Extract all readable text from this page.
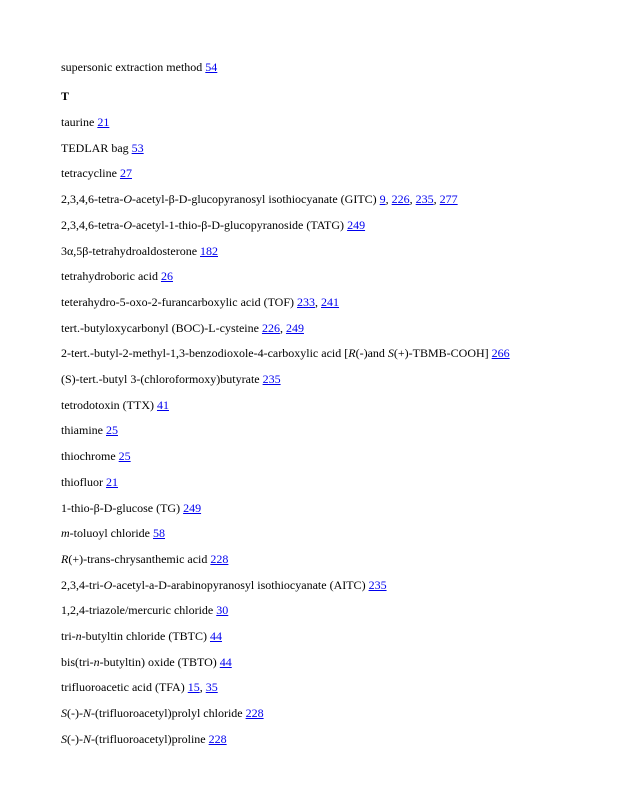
supersonic extraction method 54
T
taurine 21
TEDLAR bag 53
tetracycline 27
2,3,4,6-tetra-O-acetyl-β-D-glucopyranosyl isothiocyanate (GITC) 9, 226, 235, 277
2,3,4,6-tetra-O-acetyl-1-thio-β-D-glucopyranoside (TATG) 249
3α,5β-tetrahydroaldosterone 182
tetrahydroboric acid 26
teterahydro-5-oxo-2-furancarboxylic acid (TOF) 233, 241
tert.-butyloxycarbonyl (BOC)-L-cysteine 226, 249
2-tert.-butyl-2-methyl-1,3-benzodioxole-4-carboxylic acid [R(-)and S(+)-TBMB-COOH] 266
(S)-tert.-butyl 3-(chloroformoxy)butyrate 235
tetrodotoxin (TTX) 41
thiamine 25
thiochrome 25
thiofluor 21
1-thio-β-D-glucose (TG) 249
m-toluoyl chloride 58
R(+)-trans-chrysanthemic acid 228
2,3,4-tri-O-acetyl-a-D-arabinopyranosyl isothiocyanate (AITC) 235
1,2,4-triazole/mercuric chloride 30
tri-n-butyltin chloride (TBTC) 44
bis(tri-n-butyltin) oxide (TBTO) 44
trifluoroacetic acid (TFA) 15, 35
S(-)-N-(trifluoroacetyl)prolyl chloride 228
S(-)-N-(trifluoroacetyl)proline 228
